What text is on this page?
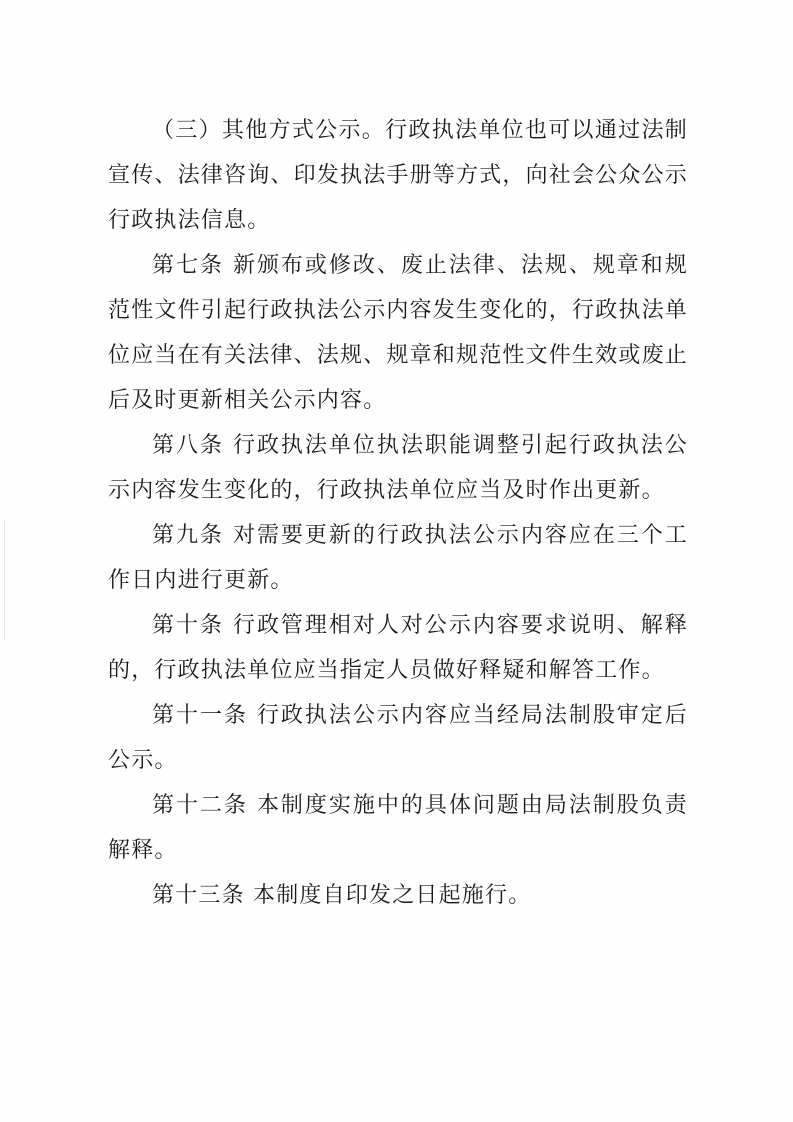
（三）其他方式公示。行政执法单位也可以通过法制宣传、法律咨询、印发执法手册等方式，向社会公众公示行政执法信息。

第七条 新颁布或修改、废止法律、法规、规章和规范性文件引起行政执法公示内容发生变化的，行政执法单位应当在有关法律、法规、规章和规范性文件生效或废止后及时更新相关公示内容。

第八条 行政执法单位执法职能调整引起行政执法公示内容发生变化的，行政执法单位应当及时作出更新。

第九条 对需要更新的行政执法公示内容应在三个工作日内进行更新。

第十条 行政管理相对人对公示内容要求说明、解释的，行政执法单位应当指定人员做好释疑和解答工作。

第十一条 行政执法公示内容应当经局法制股审定后公示。

第十二条 本制度实施中的具体问题由局法制股负责解释。

第十三条 本制度自印发之日起施行。
